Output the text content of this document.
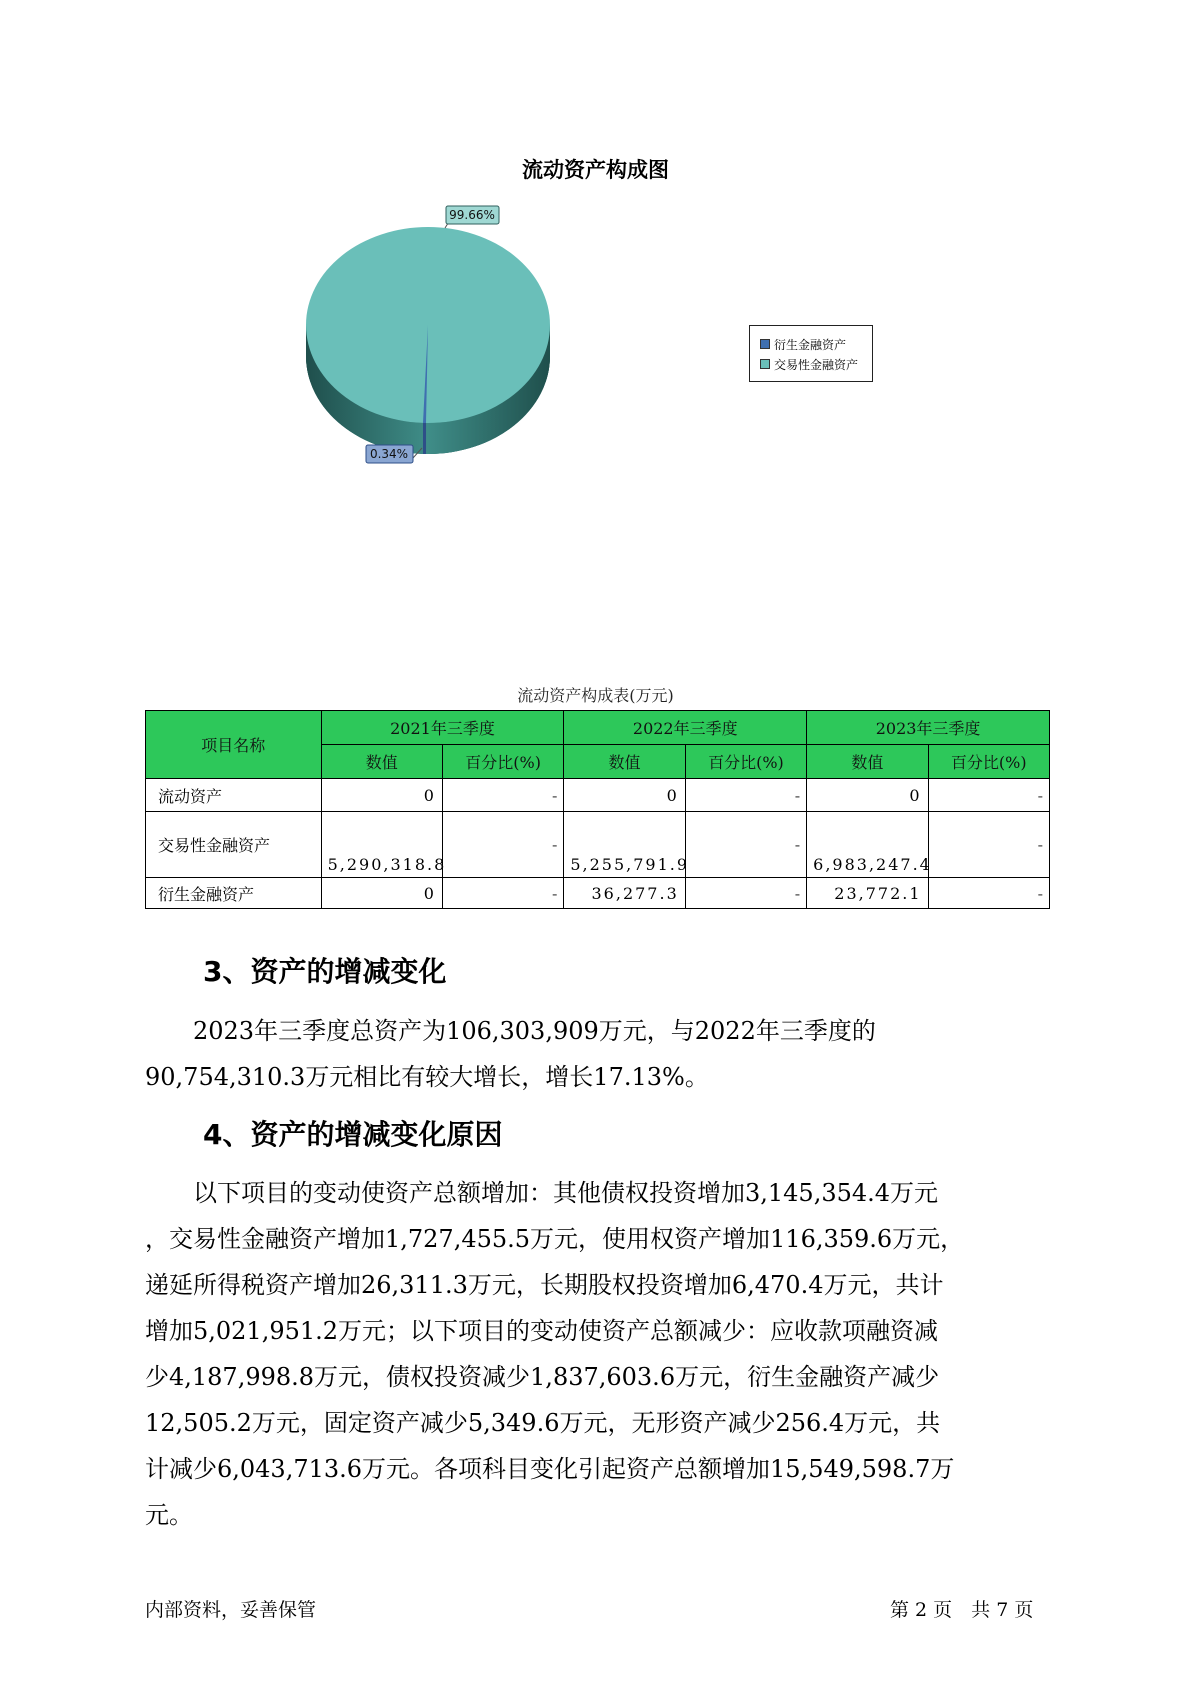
流动资产构成图
99.66%
0.34%
衍生金融资产
交易性金融资产
流动资产构成表(万元)
项目名称	2021年三季度		2022年三季度		2023年三季度	
	数值	百分比(%)	数值	百分比(%)	数值	百分比(%)
流动资产	0	-	0	-	0	-
交易性金融资产	5,290,318.8	-	5,255,791.9	-	6,983,247.4	-
衍生金融资产	0	-	36,277.3	-	23,772.1	-
3、资产的增减变化
　　2023年三季度总资产为106,303,909万元，与2022年三季度的
90,754,310.3万元相比有较大增长，增长17.13%。
4、资产的增减变化原因
　　以下项目的变动使资产总额增加：其他债权投资增加3,145,354.4万元
，交易性金融资产增加1,727,455.5万元，使用权资产增加116,359.6万元，
递延所得税资产增加26,311.3万元，长期股权投资增加6,470.4万元，共计
增加5,021,951.2万元；以下项目的变动使资产总额减少：应收款项融资减
少4,187,998.8万元，债权投资减少1,837,603.6万元，衍生金融资产减少
12,505.2万元，固定资产减少5,349.6万元，无形资产减少256.4万元，共
计减少6,043,713.6万元。各项科目变化引起资产总额增加15,549,598.7万
元。
内部资料，妥善保管	第 2 页　共 7 页
